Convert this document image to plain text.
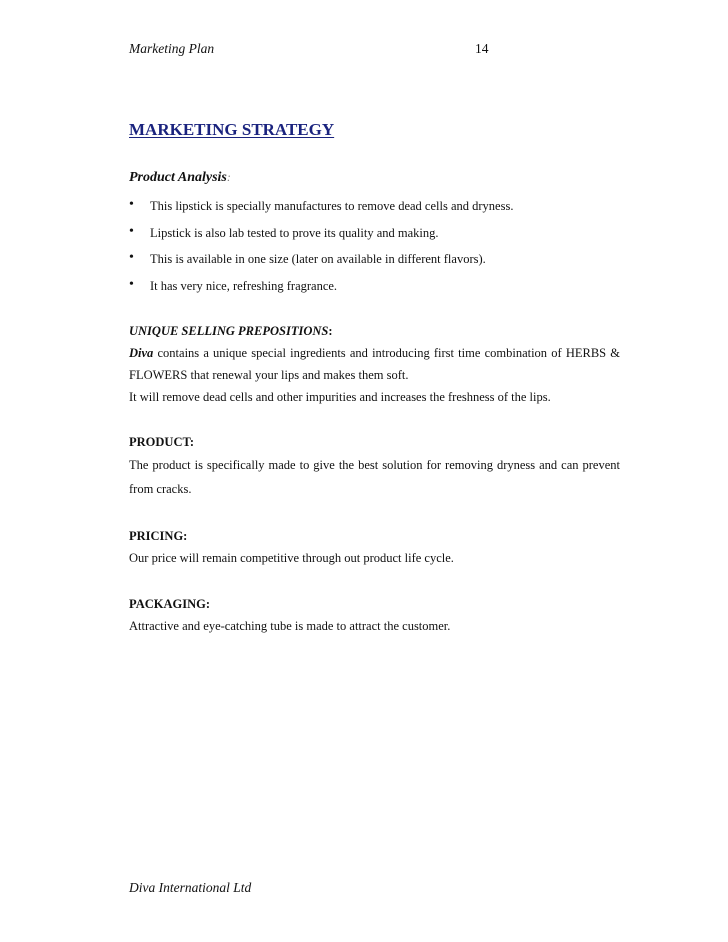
Marketing Plan	14
MARKETING STRATEGY
Product Analysis:
• This lipstick is specially manufactures to remove dead cells and dryness.
• Lipstick is also lab tested to prove its quality and making.
• This is available in one size (later on available in different flavors).
• It has very nice, refreshing fragrance.
UNIQUE SELLING PREPOSITIONS:

Diva contains a unique special ingredients and introducing first time combination of HERBS & FLOWERS that renewal your lips and makes them soft.

It will remove dead cells and other impurities and increases the freshness of the lips.

PRODUCT:

The product is specifically made to give the best solution for removing dryness and can prevent from cracks.

PRICING:

Our price will remain competitive through out product life cycle.

PACKAGING:

Attractive and eye-catching tube is made to attract the customer.

Diva International Ltd
